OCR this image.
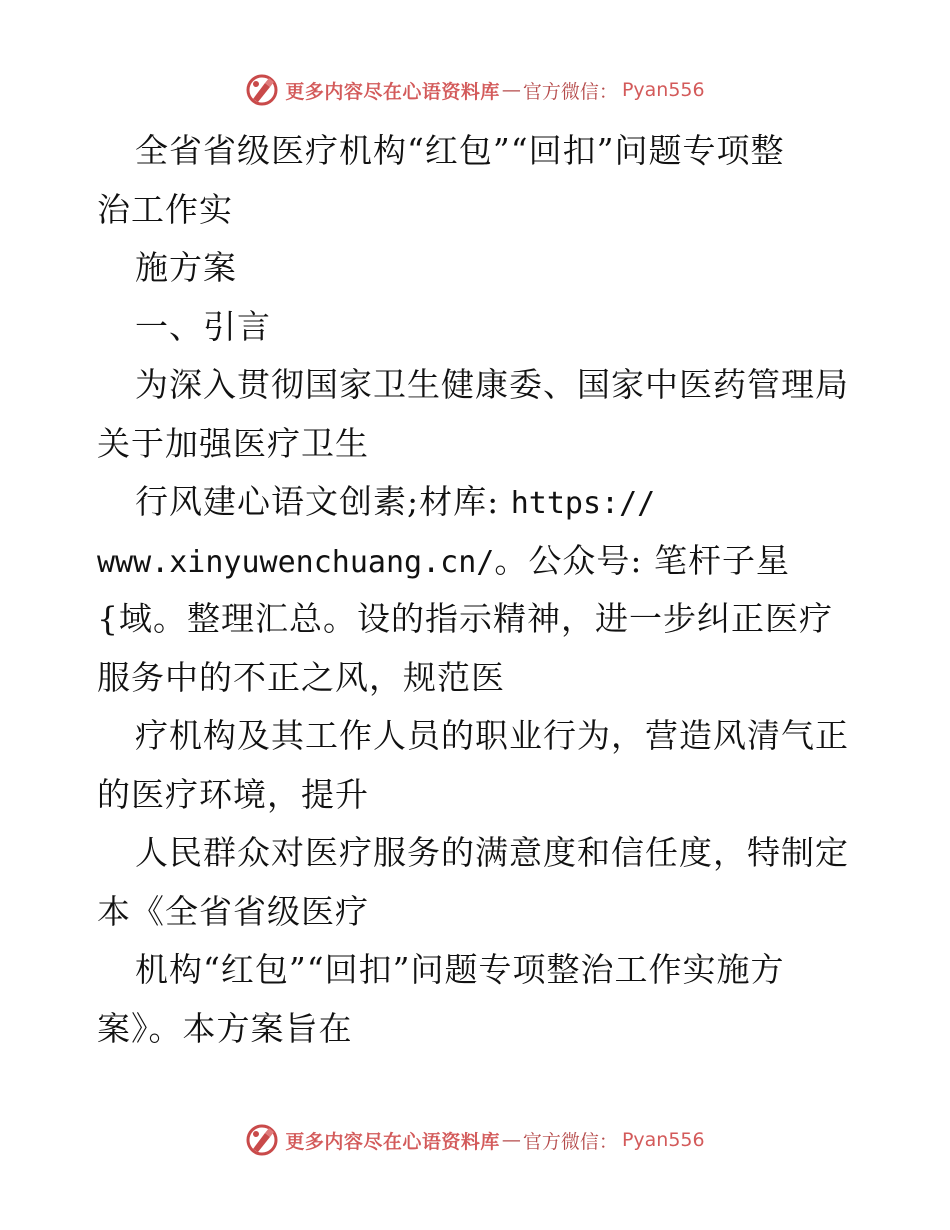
更多内容尽在心语资料库 — 官方微信： Pyan556
全省省级医疗机构“红包”“回扣”问题专项整
治工作实
施方案
一、引言
为深入贯彻国家卫生健康委、国家中医药管理局
关于加强医疗卫生
行风建心语文创素;材库: https://
www.xinyuwenchuang.cn/。公众号: 笔杆子星
{域。整理汇总。设的指示精神，进一步纠正医疗
服务中的不正之风，规范医
疗机构及其工作人员的职业行为，营造风清气正
的医疗环境，提升
人民群众对医疗服务的满意度和信任度，特制定
本《全省省级医疗
机构“红包”“回扣”问题专项整治工作实施方
案》。本方案旨在
更多内容尽在心语资料库 — 官方微信： Pyan556
